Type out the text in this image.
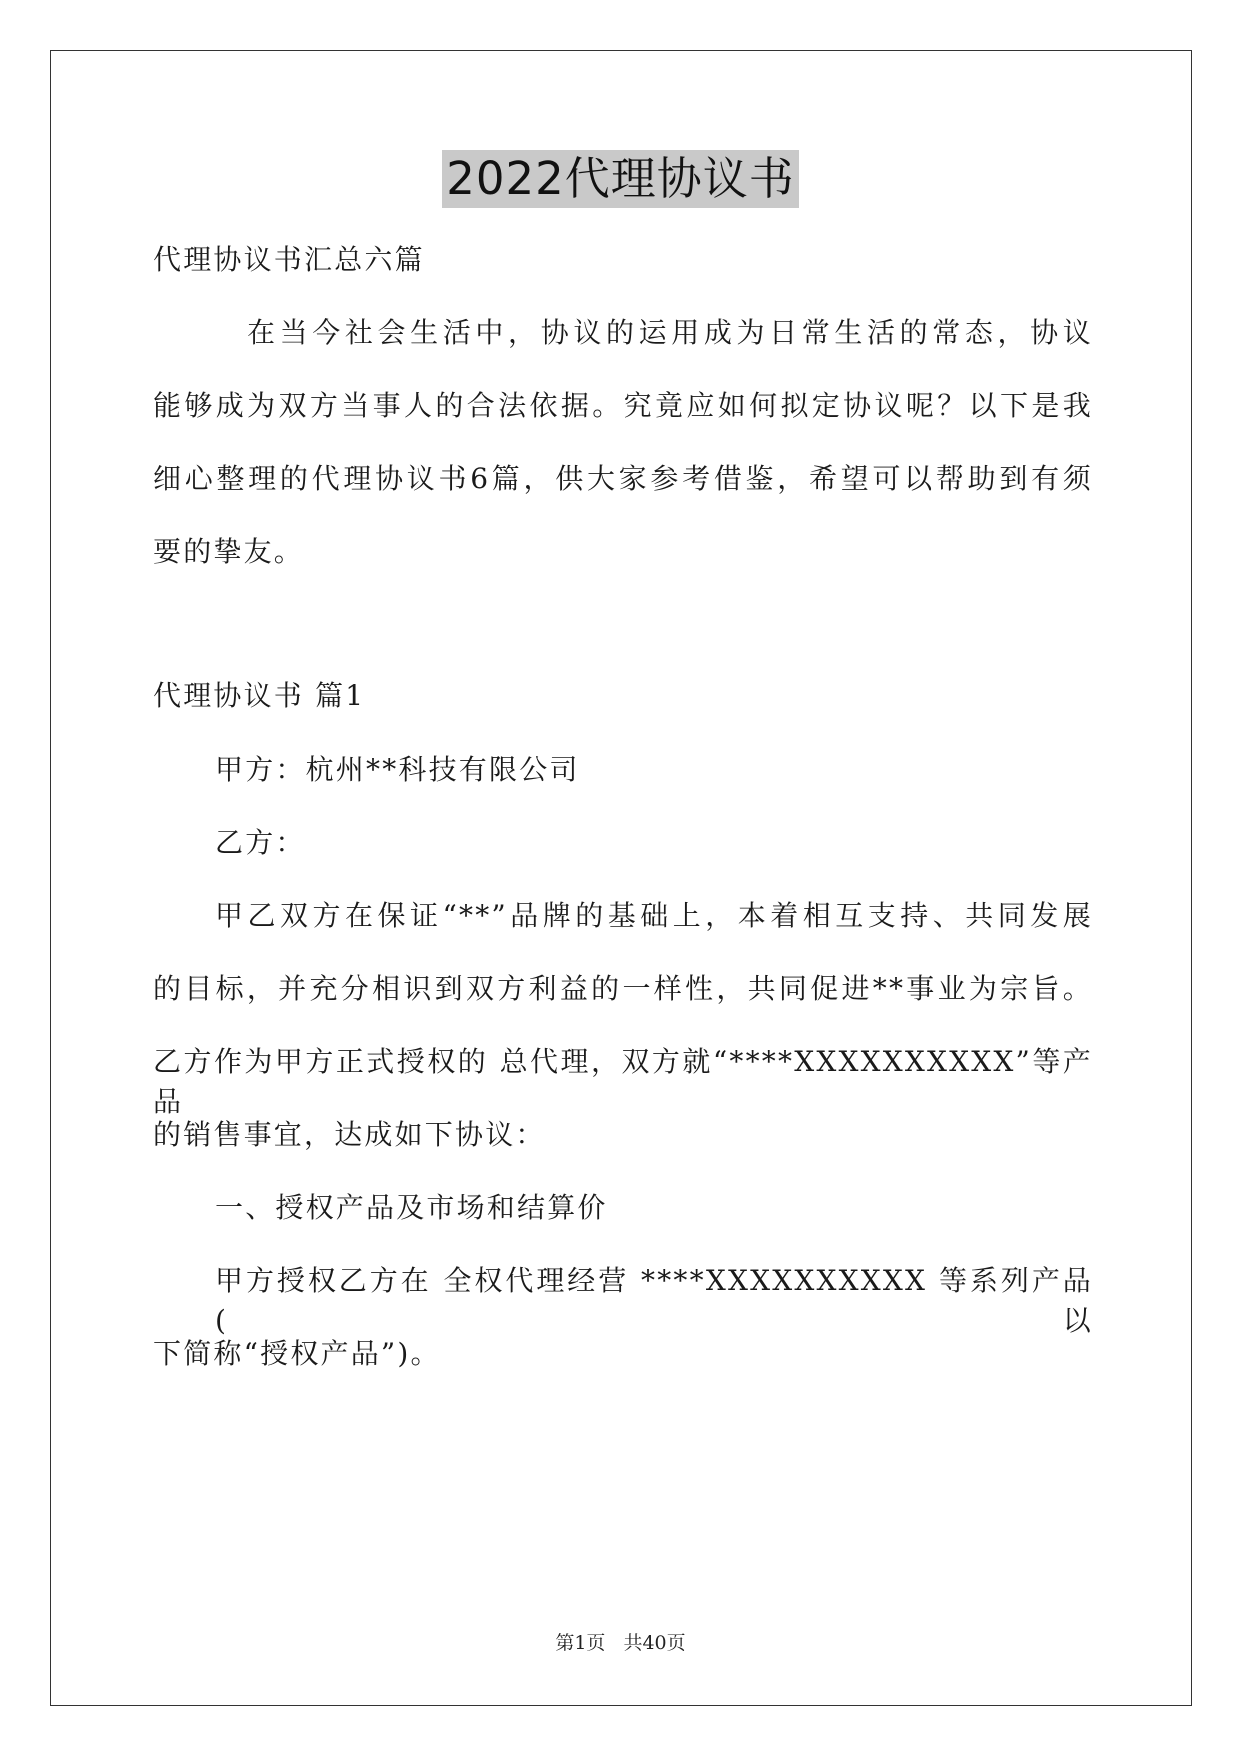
2022代理协议书
代理协议书汇总六篇
在当今社会生活中，协议的运用成为日常生活的常态，协议
能够成为双方当事人的合法依据。究竟应如何拟定协议呢？以下是我
细心整理的代理协议书6篇，供大家参考借鉴，希望可以帮助到有须
要的挚友。
代理协议书 篇1
甲方：杭州**科技有限公司
乙方：
甲乙双方在保证“**”品牌的基础上，本着相互支持、共同发展
的目标，并充分相识到双方利益的一样性，共同促进**事业为宗旨。
乙方作为甲方正式授权的 总代理，双方就“****XXXXXXXXXX”等产品
的销售事宜，达成如下协议：
一、授权产品及市场和结算价
甲方授权乙方在 全权代理经营 ****XXXXXXXXXX 等系列产品(以
下简称“授权产品”)。
第1页 共40页
